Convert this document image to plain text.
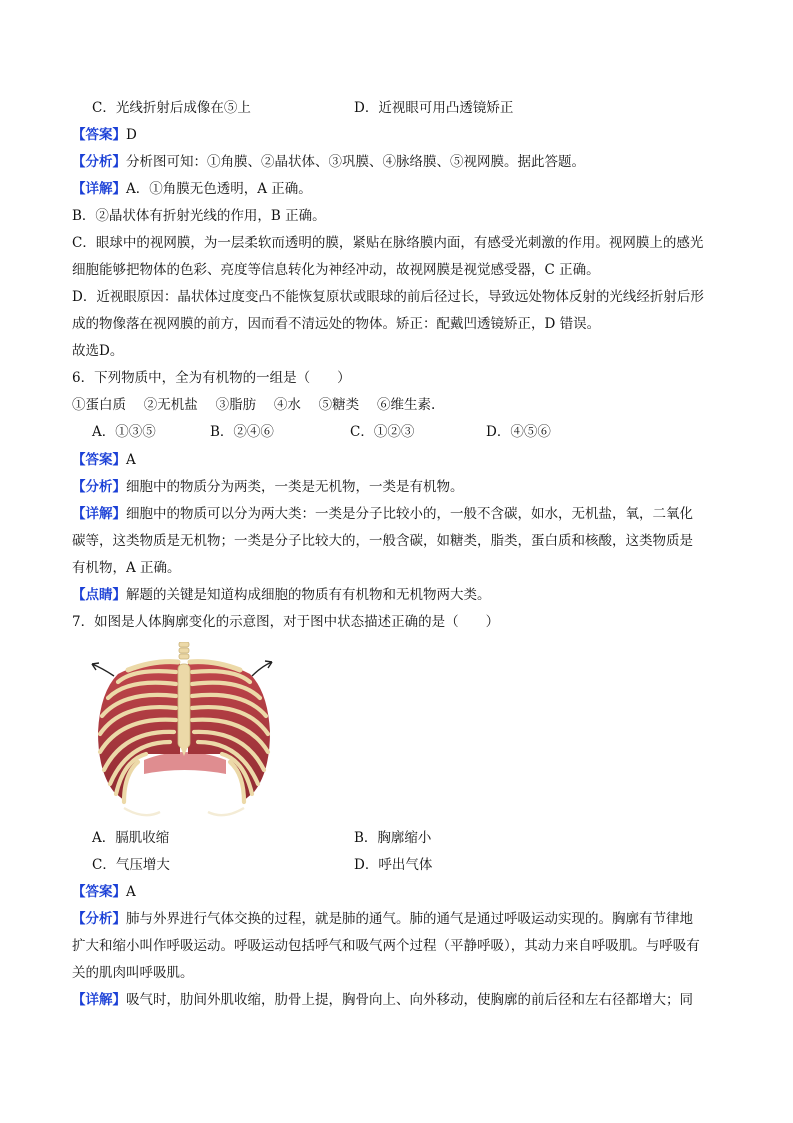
C．光线折射后成像在⑤上	D．近视眼可用凸透镜矫正
【答案】D
【分析】分析图可知：①角膜、②晶状体、③巩膜、④脉络膜、⑤视网膜。据此答题。
【详解】A．①角膜无色透明，A 正确。
B．②晶状体有折射光线的作用，B 正确。
C．眼球中的视网膜，为一层柔软而透明的膜，紧贴在脉络膜内面，有感受光刺激的作用。视网膜上的感光
细胞能够把物体的色彩、亮度等信息转化为神经冲动，故视网膜是视觉感受器，C 正确。
D．近视眼原因：晶状体过度变凸不能恢复原状或眼球的前后径过长，导致远处物体反射的光线经折射后形
成的物像落在视网膜的前方，因而看不清远处的物体。矫正：配戴凹透镜矫正，D 错误。
故选D。
6．下列物质中，全为有机物的一组是（　　）
①蛋白质　 ②无机盐　 ③脂肪　 ④水　 ⑤糖类　 ⑥维生素.
A．①③⑤	B．②④⑥	C．①②③	D．④⑤⑥
【答案】A
【分析】细胞中的物质分为两类，一类是无机物，一类是有机物。
【详解】细胞中的物质可以分为两大类：一类是分子比较小的，一般不含碳，如水，无机盐，氧，二氧化
碳等，这类物质是无机物；一类是分子比较大的，一般含碳，如糖类，脂类，蛋白质和核酸，这类物质是
有机物，A 正确。
【点睛】解题的关键是知道构成细胞的物质有有机物和无机物两大类。
7．如图是人体胸廓变化的示意图，对于图中状态描述正确的是（　　）
A．膈肌收缩	B．胸廓缩小
C．气压增大	D．呼出气体
【答案】A
【分析】肺与外界进行气体交换的过程，就是肺的通气。肺的通气是通过呼吸运动实现的。胸廓有节律地
扩大和缩小叫作呼吸运动。呼吸运动包括呼气和吸气两个过程（平静呼吸），其动力来自呼吸肌。与呼吸有
关的肌肉叫呼吸肌。
【详解】吸气时，肋间外肌收缩，肋骨上提，胸骨向上、向外移动，使胸廓的前后径和左右径都增大；同
